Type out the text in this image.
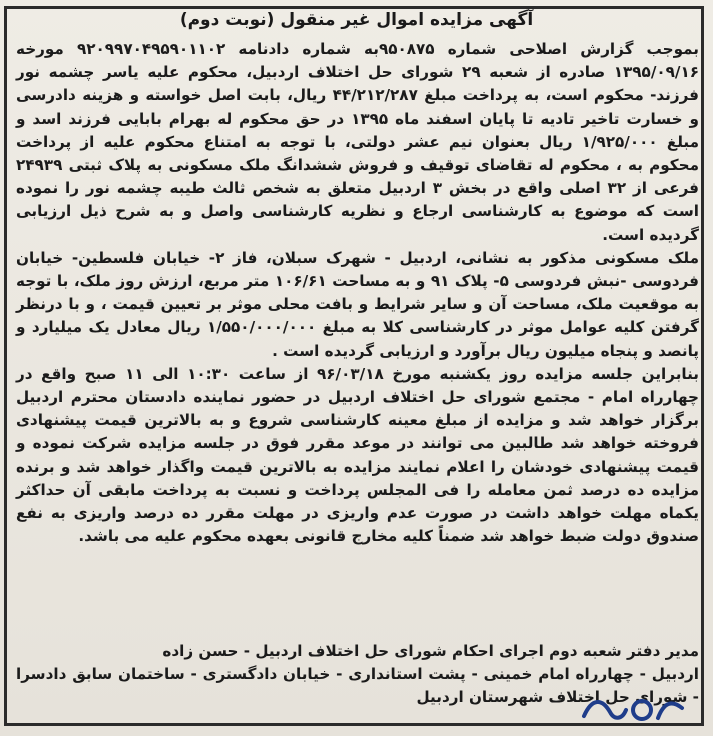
آگهی مزایده اموال غیر منقول (نوبت دوم)

بموجب گزارش اصلاحی شماره ۹۵۰۸۷۵به شماره دادنامه ۹۲۰۹۹۷۰۴۹۵۹۰۱۱۰۲ مورخه ۱۳۹۵/۰۹/۱۶ صادره از شعبه ۲۹ شورای حل اختلاف اردبیل، محکوم علیه یاسر چشمه نور فرزند- محکوم است، به پرداخت مبلغ ۴۴/۲۱۲/۲۸۷ ریال، بابت اصل خواسته و هزینه دادرسی و خسارت تاخیر تادیه تا پایان اسفند ماه ۱۳۹۵ در حق محکوم له بهرام بابایی فرزند اسد و مبلغ ۱/۹۲۵/۰۰۰ ریال بعنوان نیم عشر دولتی، با توجه به امتناع محکوم علیه از پرداخت محکوم به ، محکوم له تقاضای توقیف و فروش ششدانگ ملک مسکونی به پلاک ثبتی ۲۴۹۳۹ فرعی از ۳۲ اصلی واقع در بخش ۳ اردبیل متعلق به شخص ثالث طیبه چشمه نور را نموده است که موضوع به کارشناسی ارجاع و نظریه کارشناسی واصل و به شرح ذیل ارزیابی گردیده است.

ملک مسکونی مذکور به نشانی، اردبیل - شهرک سبلان، فاز ۲- خیابان فلسطین- خیابان فردوسی -نبش فردوسی ۵- پلاک ۹۱ و به مساحت ۱۰۶/۶۱ متر مربع، ارزش روز ملک، با توجه به موقعیت ملک، مساحت آن و سایر شرایط و بافت محلی موثر بر تعیین قیمت ، و با درنظر گرفتن کلیه عوامل موثر در کارشناسی کلا به مبلغ ۱/۵۵۰/۰۰۰/۰۰۰ ریال معادل یک میلیارد و پانصد و پنجاه میلیون ریال برآورد و ارزیابی گردیده است .

بنابراین جلسه مزایده روز یکشنبه مورخ ۹۶/۰۳/۱۸ از ساعت ۱۰:۳۰ الی ۱۱ صبح واقع در چهارراه امام - مجتمع شورای حل اختلاف اردبیل در حضور نماینده دادستان محترم اردبیل برگزار خواهد شد و مزایده از مبلغ معینه کارشناسی شروع و به بالاترین قیمت پیشنهادی فروخته خواهد شد طالبین می توانند در موعد مقرر فوق در جلسه مزایده شرکت نموده و قیمت پیشنهادی خودشان را اعلام نمایند مزایده به بالاترین قیمت واگذار خواهد شد و برنده مزایده ده درصد ثمن معامله را فی المجلس پرداخت و نسبت به پرداخت مابقی آن حداکثر یکماه مهلت خواهد داشت در صورت عدم واریزی در مهلت مقرر ده درصد واریزی به نفع صندوق دولت ضبط خواهد شد ضمناً کلیه مخارج قانونی بعهده محکوم علیه می باشد.

مدیر دفتر شعبه دوم اجرای احکام شورای حل اختلاف اردبیل - حسن زاده

اردبیل - چهارراه امام خمینی - پشت استانداری - خیابان دادگستری - ساختمان سابق دادسرا - شورای حل اختلاف شهرستان اردبیل
